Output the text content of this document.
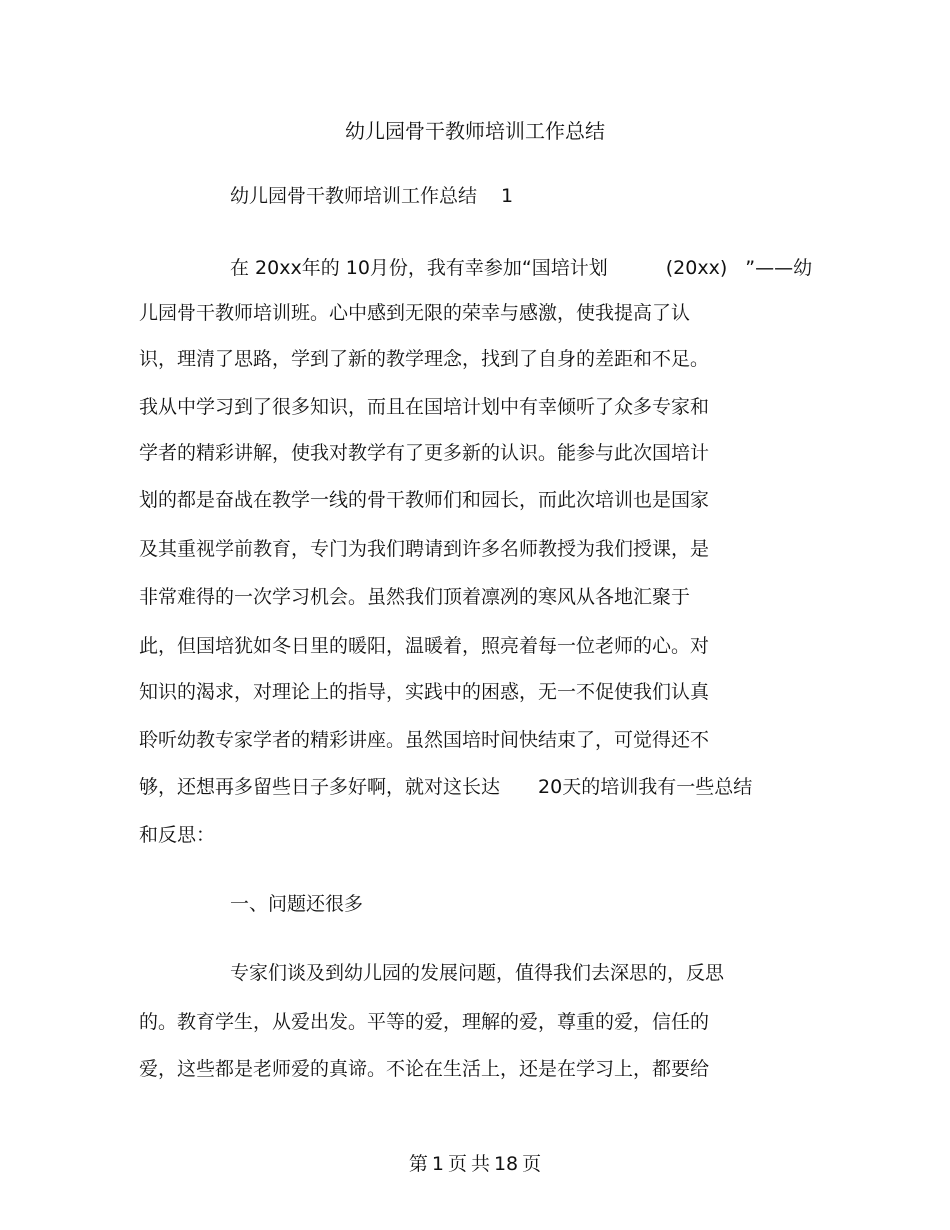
幼儿园骨干教师培训工作总结

幼儿园骨干教师培训工作总结 1

在 20xx年的 10月份，我有幸参加“国培计划	(20xx) ”——幼

儿园骨干教师培训班。心中感到无限的荣幸与感激，使我提高了认

识，理清了思路，学到了新的教学理念，找到了自身的差距和不足。

我从中学习到了很多知识，而且在国培计划中有幸倾听了众多专家和

学者的精彩讲解，使我对教学有了更多新的认识。能参与此次国培计

划的都是奋战在教学一线的骨干教师们和园长，而此次培训也是国家

及其重视学前教育，专门为我们聘请到许多名师教授为我们授课，是

非常难得的一次学习机会。虽然我们顶着凛冽的寒风从各地汇聚于

此，但国培犹如冬日里的暖阳，温暖着，照亮着每一位老师的心。对

知识的渴求，对理论上的指导，实践中的困惑，无一不促使我们认真

聆听幼教专家学者的精彩讲座。虽然国培时间快结束了，可觉得还不

够，还想再多留些日子多好啊，就对这长达 20天的培训我有一些总结

和反思：

一、问题还很多

专家们谈及到幼儿园的发展问题，值得我们去深思的，反思

的。教育学生，从爱出发。平等的爱，理解的爱，尊重的爱，信任的

爱，这些都是老师爱的真谛。不论在生活上，还是在学习上，都要给

第 1 页 共 18 页
